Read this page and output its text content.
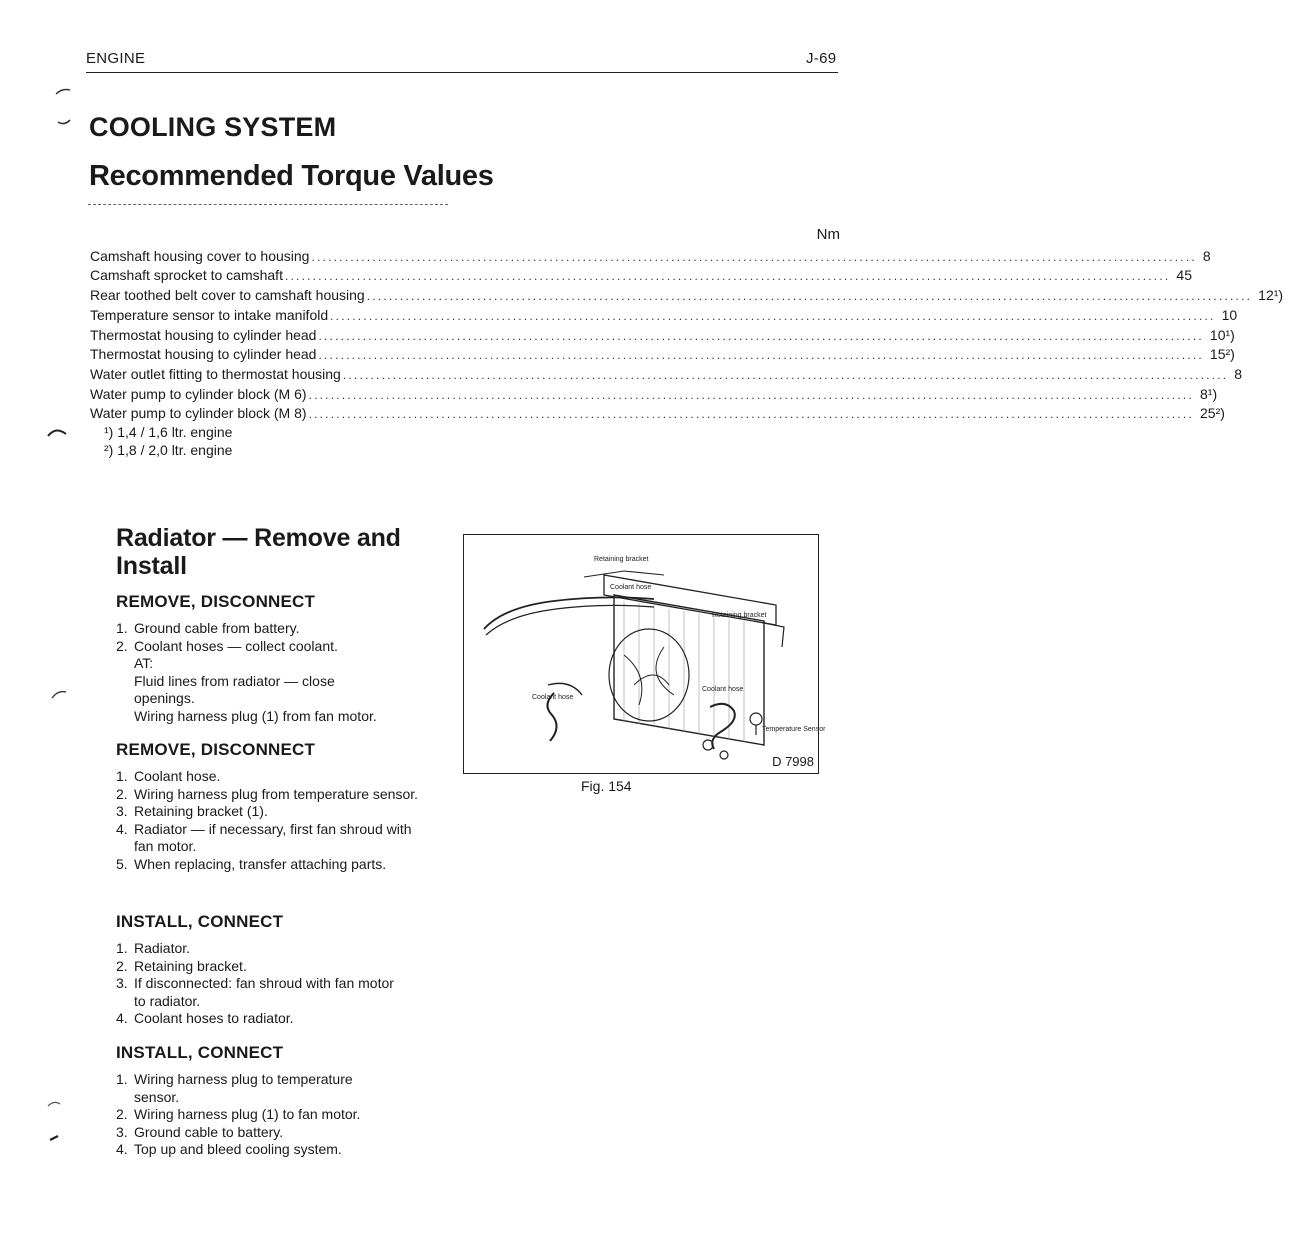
ENGINE	J-69
COOLING SYSTEM
Recommended Torque Values
Nm
Camshaft housing cover to housing .....	8
Camshaft sprocket to camshaft .....	45
Rear toothed belt cover to camshaft housing .....	12¹)
Temperature sensor to intake manifold .....	10
Thermostat housing to cylinder head .....	10¹)
Thermostat housing to cylinder head .....	15²)
Water outlet fitting to thermostat housing .....	8
Water pump to cylinder block (M 6) .....	8¹)
Water pump to cylinder block (M 8) .....	25²)
¹) 1,4 / 1,6 ltr. engine
²) 1,8 / 2,0 ltr. engine
Radiator — Remove and
Install
REMOVE, DISCONNECT
1. Ground cable from battery.
2. Coolant hoses — collect coolant.
AT:
Fluid lines from radiator — close
openings.
Wiring harness plug (1) from fan motor.
REMOVE, DISCONNECT
1. Coolant hose.
2. Wiring harness plug from temperature sensor.
3. Retaining bracket (1).
4. Radiator — if necessary, first fan shroud with fan motor.
5. When replacing, transfer attaching parts.
INSTALL, CONNECT
1. Radiator.
2. Retaining bracket.
3. If disconnected: fan shroud with fan motor to radiator.
4. Coolant hoses to radiator.
INSTALL, CONNECT
1. Wiring harness plug to temperature sensor.
2. Wiring harness plug (1) to fan motor.
3. Ground cable to battery.
4. Top up and bleed cooling system.
Retaining bracket
Coolant hose
Retaining bracket
Coolant hose
Coolant hose
Temperature Sensor
D 7998
Fig. 154
